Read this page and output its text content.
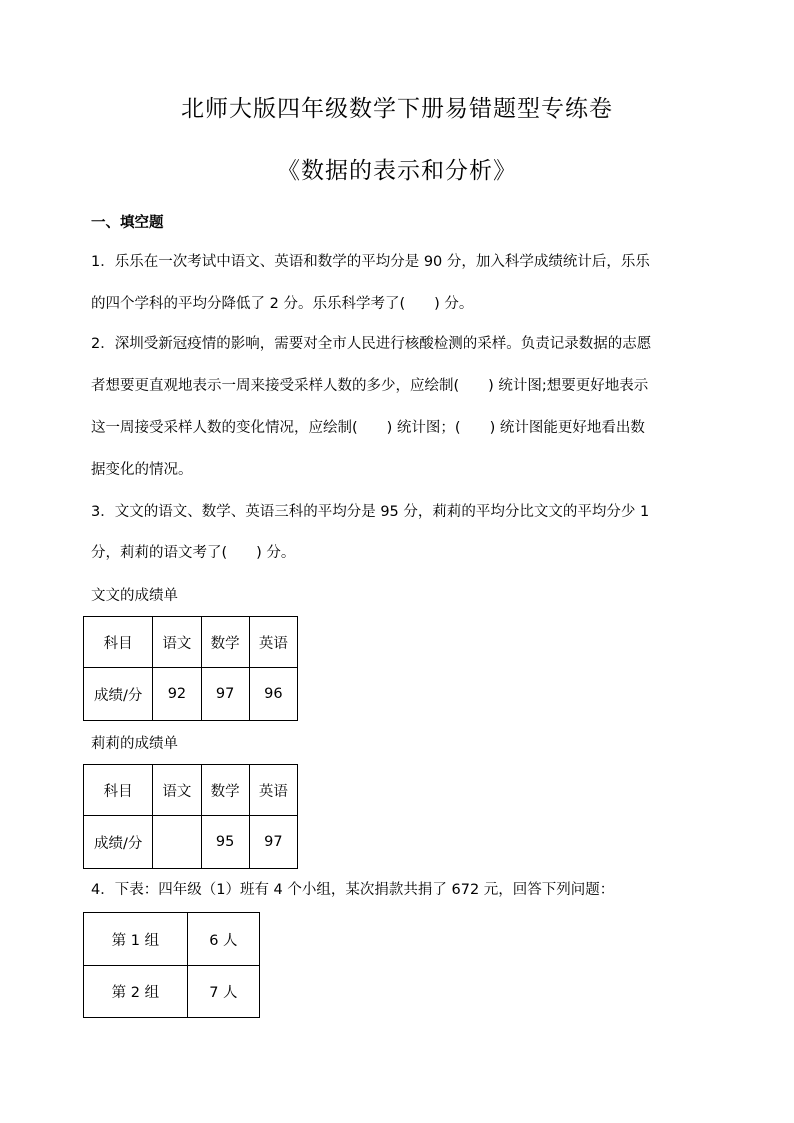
北师大版四年级数学下册易错题型专练卷
《数据的表示和分析》
一、填空题
1．乐乐在一次考试中语文、英语和数学的平均分是 90 分，加入科学成绩统计后，乐乐
的四个学科的平均分降低了 2 分。乐乐科学考了(　　) 分。
2．深圳受新冠疫情的影响，需要对全市人民进行核酸检测的采样。负责记录数据的志愿
者想要更直观地表示一周来接受采样人数的多少，应绘制(　　) 统计图;想要更好地表示
这一周接受采样人数的变化情况，应绘制(　　) 统计图；(　　) 统计图能更好地看出数
据变化的情况。
3．文文的语文、数学、英语三科的平均分是 95 分，莉莉的平均分比文文的平均分少 1
分，莉莉的语文考了(　　) 分。
文文的成绩单
科目	语文	数学	英语
成绩/分	92	97	96
莉莉的成绩单
科目	语文	数学	英语
成绩/分		95	97
4．下表：四年级（1）班有 4 个小组，某次捐款共捐了 672 元，回答下列问题：
第 1 组	6 人
第 2 组	7 人
